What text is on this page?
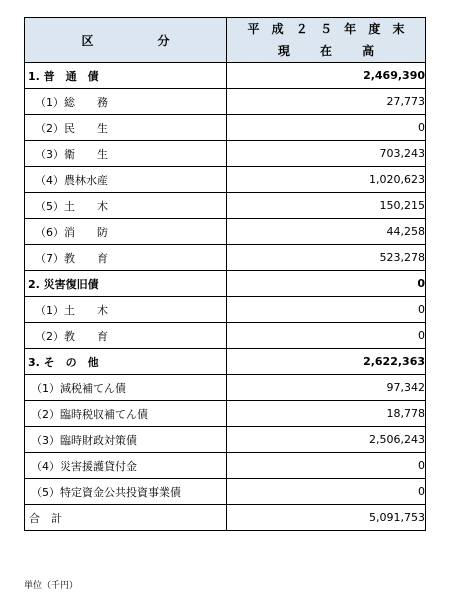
区　分	平 成 ２ ５ 年 度 末
現 在 高

1. 普　通　債	2,469,390
（1）総　　務	27,773
（2）民　　生	0
（3）衛　　生	703,243
（4）農林水産	1,020,623
（5）土　　木	150,215
（6）消　　防	44,258
（7）教　　育	523,278
2. 災害復旧債	0
（1）土　　木	0
（2）教　　育	0
3. そ　の　他	2,622,363
（1）減税補てん債	97,342
（2）臨時税収補てん債	18,778
（3）臨時財政対策債	2,506,243
（4）災害援護貸付金	0
（5）特定資金公共投資事業債	0
合　計	5,091,753
単位（千円）
